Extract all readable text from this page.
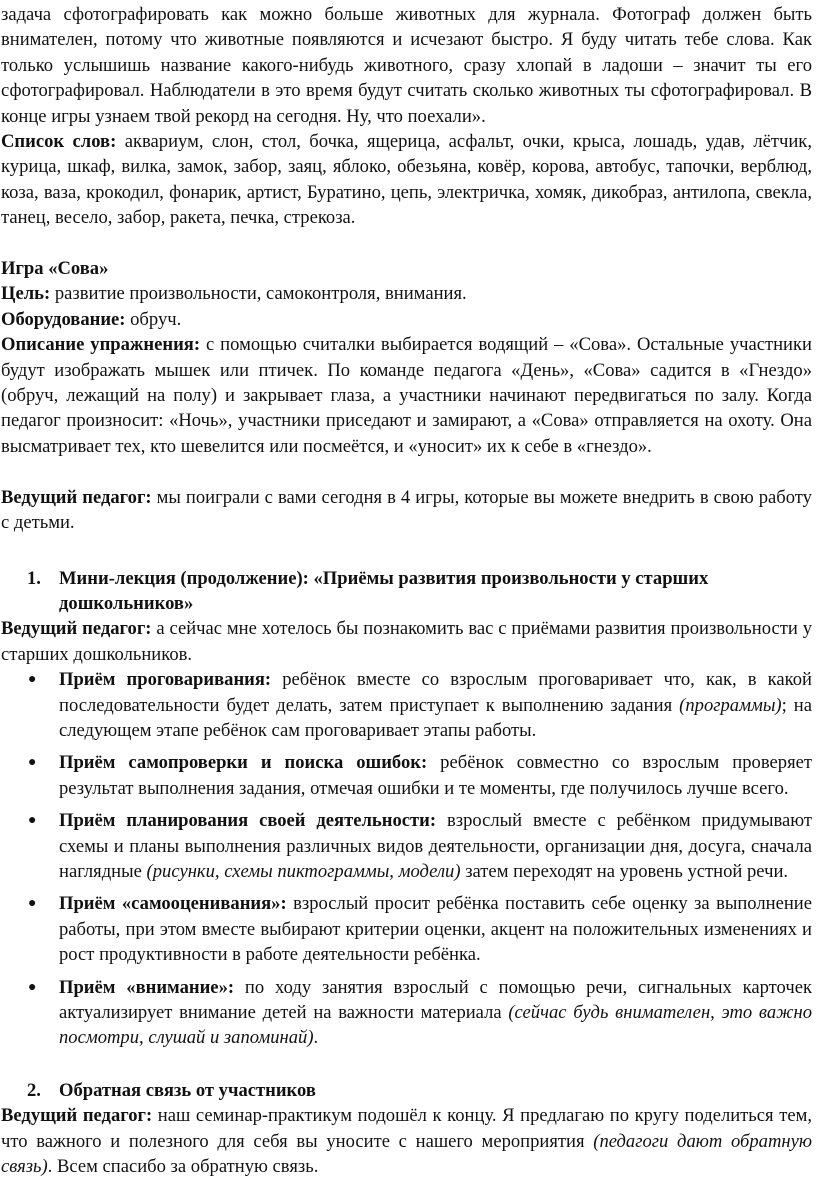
задача сфотографировать как можно больше животных для журнала. Фотограф должен быть внимателен, потому что животные появляются и исчезают быстро. Я буду читать тебе слова. Как только услышишь название какого-нибудь животного, сразу хлопай в ладоши – значит ты его сфотографировал. Наблюдатели в это время будут считать сколько животных ты сфотографировал. В конце игры узнаем твой рекорд на сегодня. Ну, что поехали».

Список слов: аквариум, слон, стол, бочка, ящерица, асфальт, очки, крыса, лошадь, удав, лётчик, курица, шкаф, вилка, замок, забор, заяц, яблоко, обезьяна, ковёр, корова, автобус, тапочки, верблюд, коза, ваза, крокодил, фонарик, артист, Буратино, цепь, электричка, хомяк, дикобраз, антилопа, свекла, танец, весело, забор, ракета, печка, стрекоза.

Игра «Сова»

Цель: развитие произвольности, самоконтроля, внимания.

Оборудование: обруч.

Описание упражнения: с помощью считалки выбирается водящий – «Сова». Остальные участники будут изображать мышек или птичек. По команде педагога «День», «Сова» садится в «Гнездо» (обруч, лежащий на полу) и закрывает глаза, а участники начинают передвигаться по залу. Когда педагог произносит: «Ночь», участники приседают и замирают, а «Сова» отправляется на охоту. Она высматривает тех, кто шевелится или посмеётся, и «уносит» их к себе в «гнездо».

Ведущий педагог: мы поиграли с вами сегодня в 4 игры, которые вы можете внедрить в свою работу с детьми.

1. Мини-лекция (продолжение): «Приёмы развития произвольности у старших дошкольников»

Ведущий педагог: а сейчас мне хотелось бы познакомить вас с приёмами развития произвольности у старших дошкольников.

●	Приём проговаривания: ребёнок вместе со взрослым проговаривает что, как, в какой последовательности будет делать, затем приступает к выполнению задания (программы); на следующем этапе ребёнок сам проговаривает этапы работы.
●	Приём самопроверки и поиска ошибок: ребёнок совместно со взрослым проверяет результат выполнения задания, отмечая ошибки и те моменты, где получилось лучше всего.
●	Приём планирования своей деятельности: взрослый вместе с ребёнком придумывают схемы и планы выполнения различных видов деятельности, организации дня, досуга, сначала наглядные (рисунки, схемы пиктограммы, модели) затем переходят на уровень устной речи.
●	Приём «самооценивания»: взрослый просит ребёнка поставить себе оценку за выполнение работы, при этом вместе выбирают критерии оценки, акцент на положительных изменениях и рост продуктивности в работе деятельности ребёнка.
●	Приём «внимание»: по ходу занятия взрослый с помощью речи, сигнальных карточек актуализирует внимание детей на важности материала (сейчас будь внимателен, это важно посмотри, слушай и запоминай).
2. Обратная связь от участников

Ведущий педагог: наш семинар-практикум подошёл к концу. Я предлагаю по кругу поделиться тем, что важного и полезного для себя вы уносите с нашего мероприятия (педагоги дают обратную связь). Всем спасибо за обратную связь.
